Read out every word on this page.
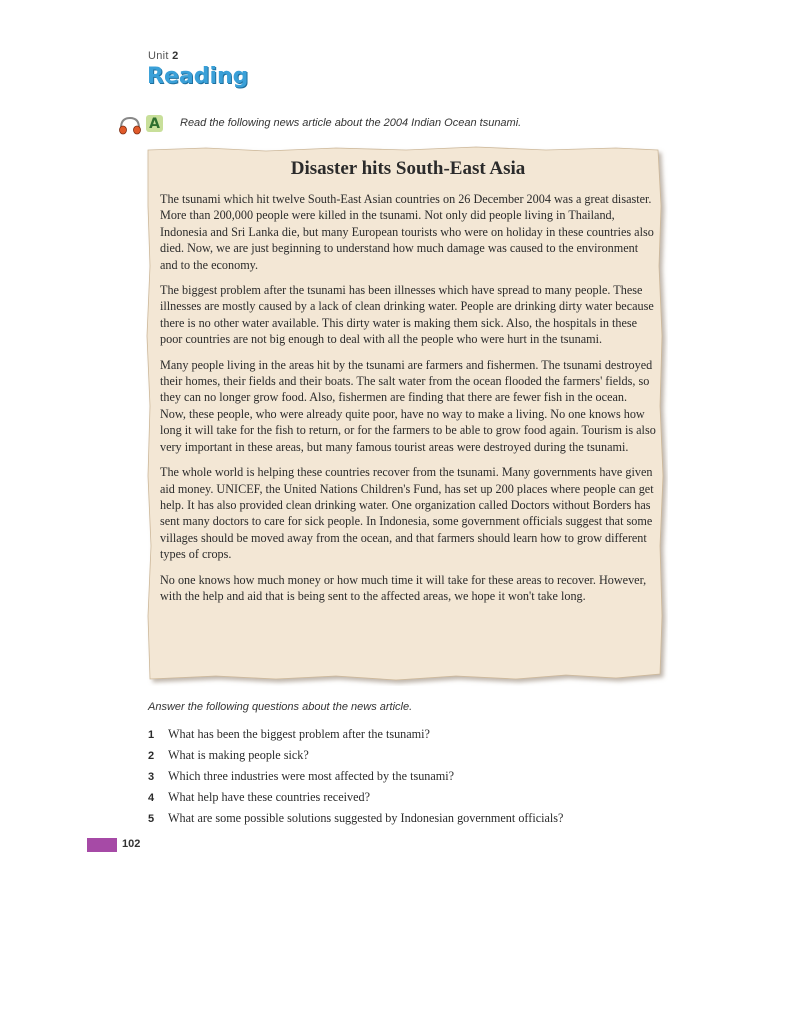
Unit 2
Reading
A Read the following news article about the 2004 Indian Ocean tsunami.
Disaster hits South-East Asia

The tsunami which hit twelve South-East Asian countries on 26 December 2004 was a great disaster. More than 200,000 people were killed in the tsunami. Not only did people living in Thailand, Indonesia and Sri Lanka die, but many European tourists who were on holiday in these countries also died. Now, we are just beginning to understand how much damage was caused to the environment and to the economy.

The biggest problem after the tsunami has been illnesses which have spread to many people. These illnesses are mostly caused by a lack of clean drinking water. People are drinking dirty water because there is no other water available. This dirty water is making them sick. Also, the hospitals in these poor countries are not big enough to deal with all the people who were hurt in the tsunami.

Many people living in the areas hit by the tsunami are farmers and fishermen. The tsunami destroyed their homes, their fields and their boats. The salt water from the ocean flooded the farmers' fields, so they can no longer grow food. Also, fishermen are finding that there are fewer fish in the ocean. Now, these people, who were already quite poor, have no way to make a living. No one knows how long it will take for the fish to return, or for the farmers to be able to grow food again. Tourism is also very important in these areas, but many famous tourist areas were destroyed during the tsunami.

The whole world is helping these countries recover from the tsunami. Many governments have given aid money. UNICEF, the United Nations Children's Fund, has set up 200 places where people can get help. It has also provided clean drinking water. One organization called Doctors without Borders has sent many doctors to care for sick people. In Indonesia, some government officials suggest that some villages should be moved away from the ocean, and that farmers should learn how to grow different types of crops.

No one knows how much money or how much time it will take for these areas to recover. However, with the help and aid that is being sent to the affected areas, we hope it won't take long.

Answer the following questions about the news article.
1 What has been the biggest problem after the tsunami?
2 What is making people sick?
3 Which three industries were most affected by the tsunami?
4 What help have these countries received?
5 What are some possible solutions suggested by Indonesian government officials?
102
